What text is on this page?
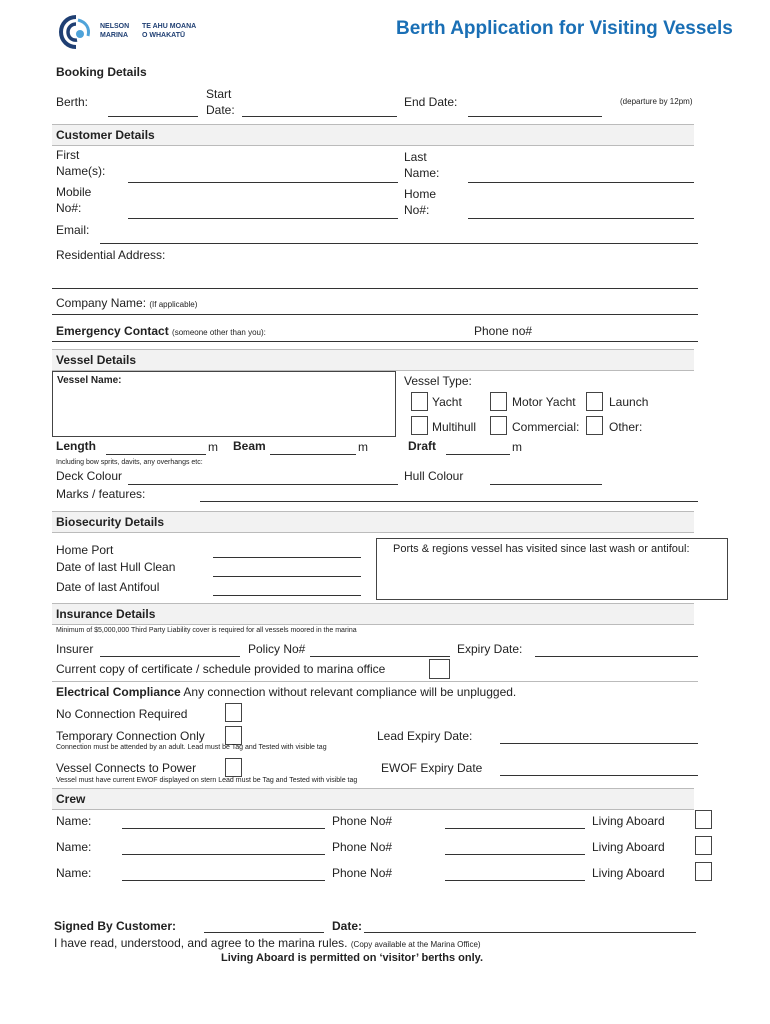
NELSON
MARINA
TE AHU MOANA
O WHAKATŪ	Berth Application for Visiting Vessels
Booking Details
Berth:
Start
Date:
End Date:	(departure by 12pm)
Customer Details
First
Name(s):
Last
Name:
Mobile
No#:
Home
No#:
Email:
Residential Address:
Company Name: (If applicable)
Emergency Contact (someone other than you):	Phone no#
Vessel Details
Vessel Name:	Vessel Type:
Yacht	Motor Yacht	Launch
Multihull	Commercial: Other:
Length	m Beam	m	Draft	m
Including bow sprits, davits, any overhangs etc:
Deck Colour	Hull Colour
Marks / features:
Biosecurity Details
Home Port
Date of last Hull Clean
Date of last Antifoul
Ports & regions vessel has visited since last wash or antifoul:
Insurance Details
Minimum of $5,000,000 Third Party Liability cover is required for all vessels moored in the marina
Insurer	Policy No#	Expiry Date:
Current copy of certificate / schedule provided to marina office
Electrical Compliance Any connection without relevant compliance will be unplugged.
No Connection Required
Temporary Connection Only	Lead Expiry Date:
Connection must be attended by an adult. Lead must be Tag and Tested with visible tag
Vessel Connects to Power	EWOF Expiry Date
Vessel must have current EWOF displayed on stern Lead must be Tag and Tested with visible tag
Crew
Name:	Phone No#	Living Aboard
Name:	Phone No#	Living Aboard
Name:	Phone No#	Living Aboard
Signed By Customer:	Date:
I have read, understood, and agree to the marina rules. (Copy available at the Marina Office)
Living Aboard is permitted on ‘visitor’ berths only.
